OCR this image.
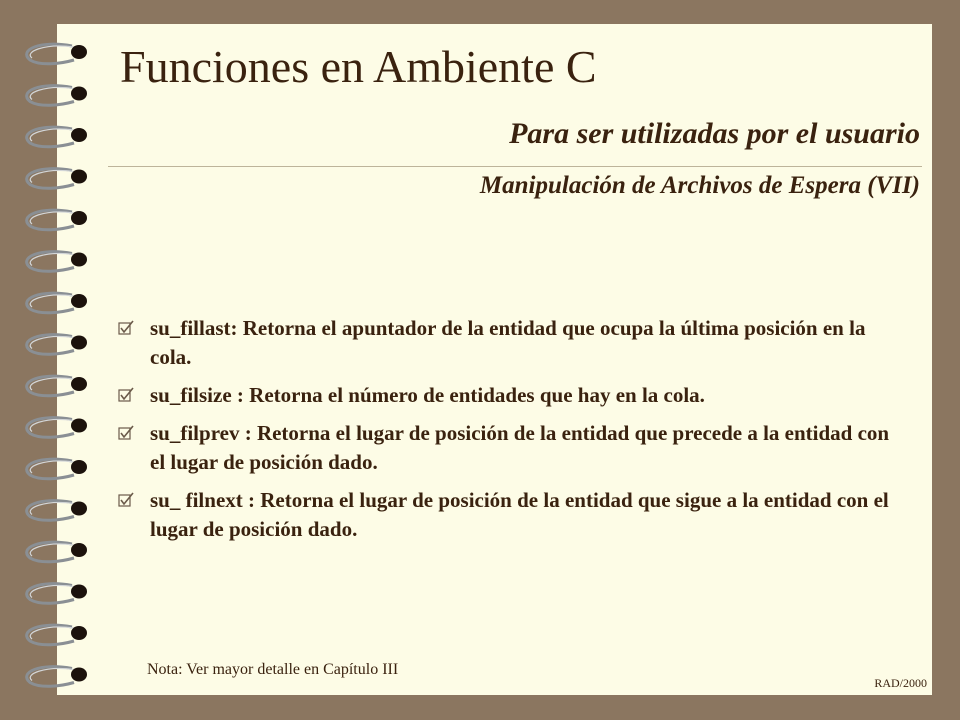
Funciones en Ambiente C
Para ser utilizadas por el usuario
Manipulación de Archivos de Espera (VII)
su_fillast: Retorna el apuntador de la entidad que ocupa la última posición en la cola.
su_filsize : Retorna el número de entidades que hay en la cola.
su_filprev : Retorna el lugar de posición de la entidad que precede a la entidad con el lugar de posición dado.
su_ filnext : Retorna el lugar de posición de la entidad que sigue a la entidad con el lugar de posición dado.
Nota: Ver mayor detalle en Capítulo III
RAD/2000
